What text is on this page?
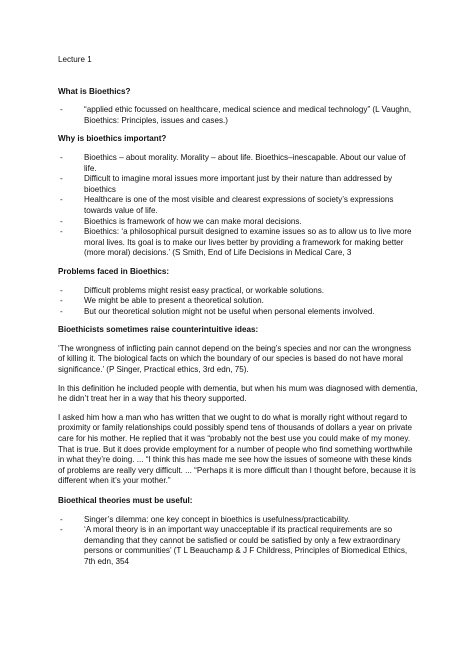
Lecture 1
What is Bioethics?
- “applied ethic focussed on healthcare, medical science and medical technology” (L Vaughn, Bioethics: Principles, issues and cases.)
Why is bioethics important?
- Bioethics – about morality. Morality – about life. Bioethics–inescapable. About our value of life.
- Difficult to imagine moral issues more important just by their nature than addressed by bioethics
- Healthcare is one of the most visible and clearest expressions of society’s expressions towards value of life.
- Bioethics is framework of how we can make moral decisions.
- Bioethics: ‘a philosophical pursuit designed to examine issues so as to allow us to live more moral lives. Its goal is to make our lives better by providing a framework for making better (more moral) decisions.’ (S Smith, End of Life Decisions in Medical Care, 3
Problems faced in Bioethics:
- Difficult problems might resist easy practical, or workable solutions.
- We might be able to present a theoretical solution.
- But our theoretical solution might not be useful when personal elements involved.
Bioethicists sometimes raise counterintuitive ideas:

‘The wrongness of inflicting pain cannot depend on the being’s species and nor can the wrongness of killing it. The biological facts on which the boundary of our species is based do not have moral significance.’ (P Singer, Practical ethics, 3rd edn, 75).

In this definition he included people with dementia, but when his mum was diagnosed with dementia, he didn’t treat her in a way that his theory supported.

I asked him how a man who has written that we ought to do what is morally right without regard to proximity or family relationships could possibly spend tens of thousands of dollars a year on private care for his mother. He replied that it was “probably not the best use you could make of my money. That is true. But it does provide employment for a number of people who find something worthwhile in what they’re doing. ... “I think this has made me see how the issues of someone with these kinds of problems are really very difficult. ... “Perhaps it is more difficult than I thought before, because it is different when it’s your mother.”

Bioethical theories must be useful:
- Singer’s dilemma: one key concept in bioethics is usefulness/practicability.
- ‘A moral theory is in an important way unacceptable if its practical requirements are so demanding that they cannot be satisfied or could be satisfied by only a few extraordinary persons or communities’ (T L Beauchamp & J F Childress, Principles of Biomedical Ethics, 7th edn, 354
